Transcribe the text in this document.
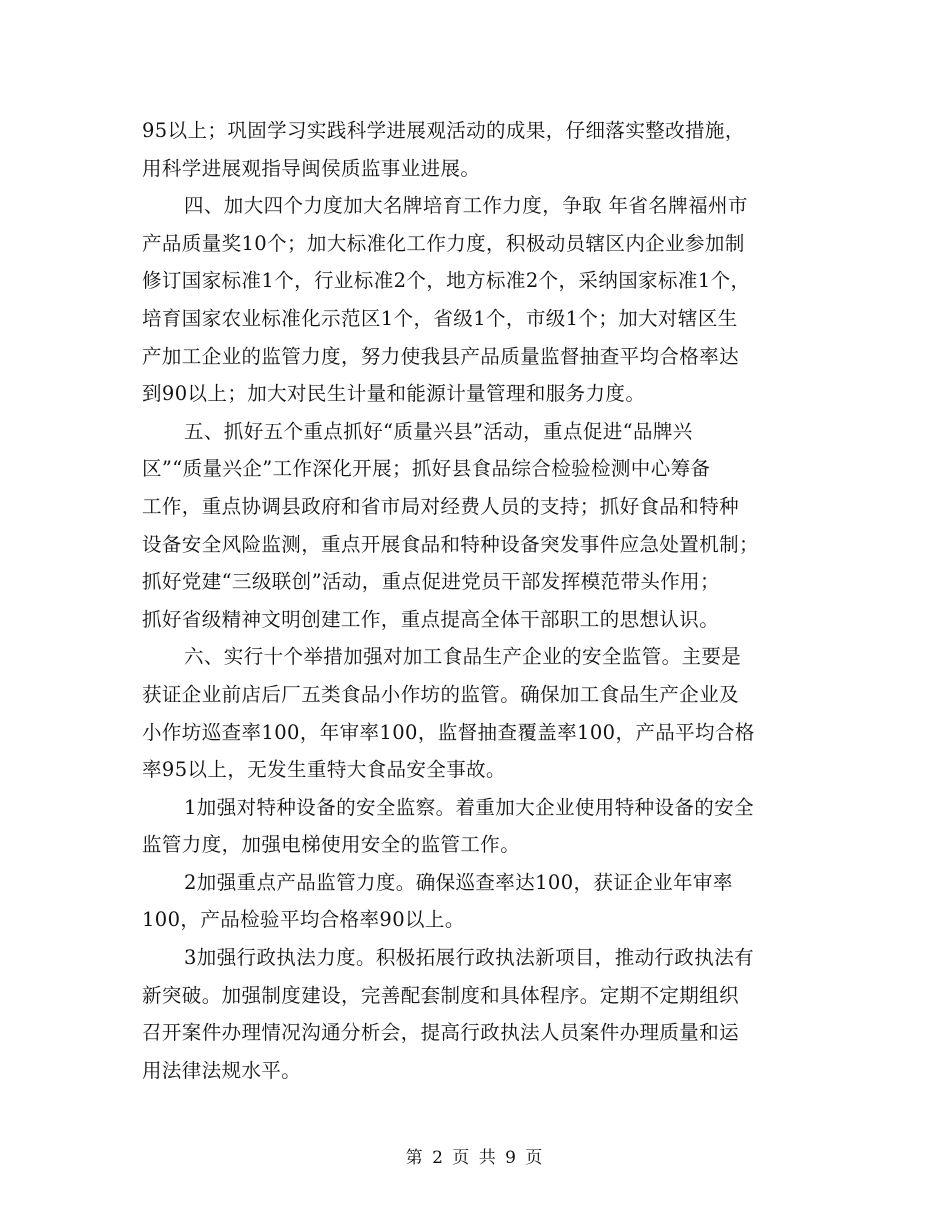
95以上；巩固学习实践科学进展观活动的成果，仔细落实整改措施，
用科学进展观指导闽侯质监事业进展。
四、加大四个力度加大名牌培育工作力度，争取 年省名牌福州市
产品质量奖10个；加大标准化工作力度，积极动员辖区内企业参加制
修订国家标准1个，行业标准2个，地方标准2个，采纳国家标准1个，
培育国家农业标准化示范区1个，省级1个，市级1个；加大对辖区生
产加工企业的监管力度，努力使我县产品质量监督抽查平均合格率达
到90以上；加大对民生计量和能源计量管理和服务力度。
五、抓好五个重点抓好“质量兴县”活动，重点促进“品牌兴
区”“质量兴企”工作深化开展；抓好县食品综合检验检测中心筹备
工作，重点协调县政府和省市局对经费人员的支持；抓好食品和特种
设备安全风险监测，重点开展食品和特种设备突发事件应急处置机制；
抓好党建“三级联创”活动，重点促进党员干部发挥模范带头作用；
抓好省级精神文明创建工作，重点提高全体干部职工的思想认识。
六、实行十个举措加强对加工食品生产企业的安全监管。主要是
获证企业前店后厂五类食品小作坊的监管。确保加工食品生产企业及
小作坊巡查率100，年审率100，监督抽查覆盖率100，产品平均合格
率95以上，无发生重特大食品安全事故。
1加强对特种设备的安全监察。着重加大企业使用特种设备的安全
监管力度，加强电梯使用安全的监管工作。
2加强重点产品监管力度。确保巡查率达100，获证企业年审率
100，产品检验平均合格率90以上。
3加强行政执法力度。积极拓展行政执法新项目，推动行政执法有
新突破。加强制度建设，完善配套制度和具体程序。定期不定期组织
召开案件办理情况沟通分析会，提高行政执法人员案件办理质量和运
用法律法规水平。
第 2 页 共 9 页
